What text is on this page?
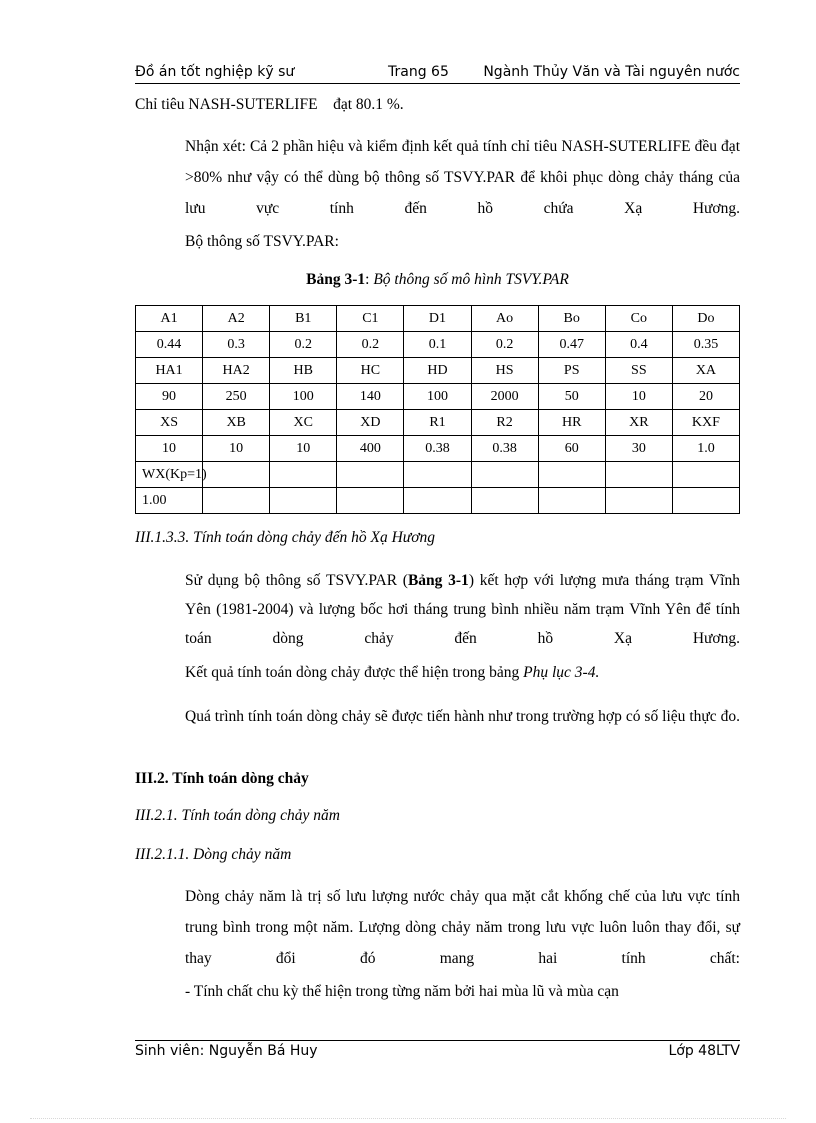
Đồ án tốt nghiệp kỹ sư	Trang 65 Ngành Thủy Văn và Tài nguyên nước
Chỉ tiêu NASH-SUTERLIFE đạt 80.1 %.
Nhận xét: Cả 2 phần hiệu và kiểm định kết quả tính chỉ tiêu NASH-SUTERLIFE đều đạt >80% như vậy có thể dùng bộ thông số TSVY.PAR để khôi phục dòng chảy tháng của lưu vực tính đến hồ chứa Xạ Hương.
Bộ thông số TSVY.PAR:
Bảng 3-1: Bộ thông số mô hình TSVY.PAR
A1	A2	B1	C1	D1	Ao	Bo	Co	Do
0.44	0.3	0.2	0.2	0.1	0.2	0.47	0.4	0.35
HA1	HA2	HB	HC	HD	HS	PS	SS	XA
90	250	100	140	100	2000	50	10	20
XS	XB	XC	XD	R1	R2	HR	XR	KXF
10	10	10	400	0.38	0.38	60	30	1.0
WX(Kp=1)								
1.00								
III.1.3.3. Tính toán dòng chảy đến hồ Xạ Hương
Sử dụng bộ thông số TSVY.PAR (Bảng 3-1) kết hợp với lượng mưa tháng trạm Vĩnh Yên (1981-2004) và lượng bốc hơi tháng trung bình nhiều năm trạm Vĩnh Yên để tính toán dòng chảy đến hồ Xạ Hương.
Kết quả tính toán dòng chảy được thể hiện trong bảng Phụ lục 3-4.
Quá trình tính toán dòng chảy sẽ được tiến hành như trong trường hợp có số liệu thực đo.
III.2. Tính toán dòng chảy
III.2.1. Tính toán dòng chảy năm
III.2.1.1. Dòng chảy năm
Dòng chảy năm là trị số lưu lượng nước chảy qua mặt cắt khống chế của lưu vực tính trung bình trong một năm. Lượng dòng chảy năm trong lưu vực luôn luôn thay đổi, sự thay đổi đó mang hai tính chất:
- Tính chất chu kỳ thể hiện trong từng năm bởi hai mùa lũ và mùa cạn
Sinh viên: Nguyễn Bá Huy	Lớp 48LTV
